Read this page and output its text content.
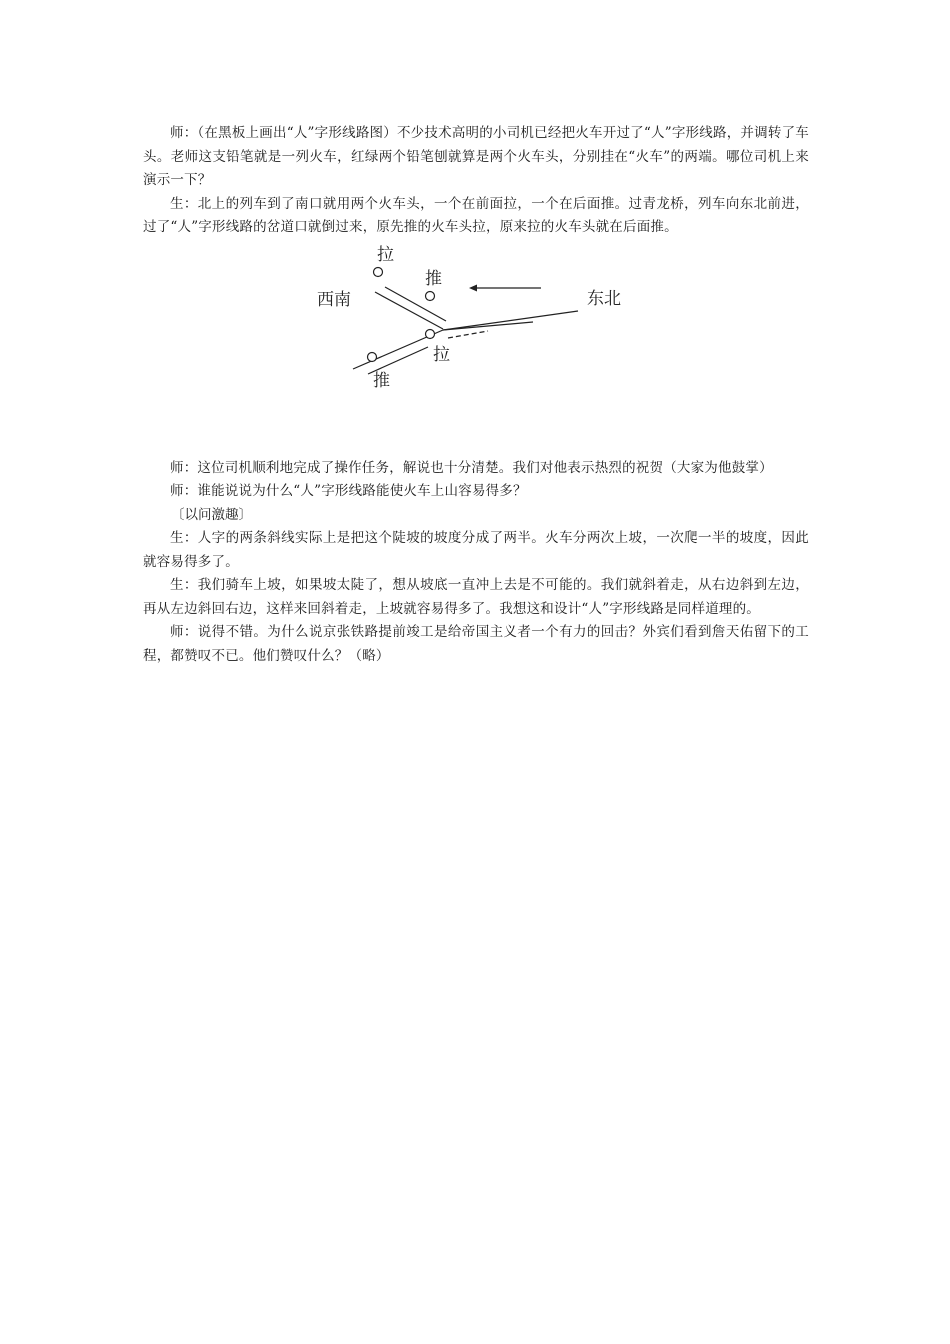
师：（在黑板上画出“人”字形线路图）不少技术高明的小司机已经把火车开过了“人”字形线路，并调转了车头。老师这支铅笔就是一列火车，红绿两个铅笔刨就算是两个火车头，分别挂在“火车”的两端。哪位司机上来演示一下？

生：北上的列车到了南口就用两个火车头，一个在前面拉，一个在后面推。过青龙桥，列车向东北前进，过了“人”字形线路的岔道口就倒过来，原先推的火车头拉，原来拉的火车头就在后面推。

拉
推
西南	东北
拉
推

师：这位司机顺利地完成了操作任务，解说也十分清楚。我们对他表示热烈的祝贺（大家为他鼓掌）

师：谁能说说为什么“人”字形线路能使火车上山容易得多？

〔以问激趣〕

生：人字的两条斜线实际上是把这个陡坡的坡度分成了两半。火车分两次上坡，一次爬一半的坡度，因此就容易得多了。

生：我们骑车上坡，如果坡太陡了，想从坡底一直冲上去是不可能的。我们就斜着走，从右边斜到左边，再从左边斜回右边，这样来回斜着走，上坡就容易得多了。我想这和设计“人”字形线路是同样道理的。

师：说得不错。为什么说京张铁路提前竣工是给帝国主义者一个有力的回击？外宾们看到詹天佑留下的工程，都赞叹不已。他们赞叹什么？（略）
